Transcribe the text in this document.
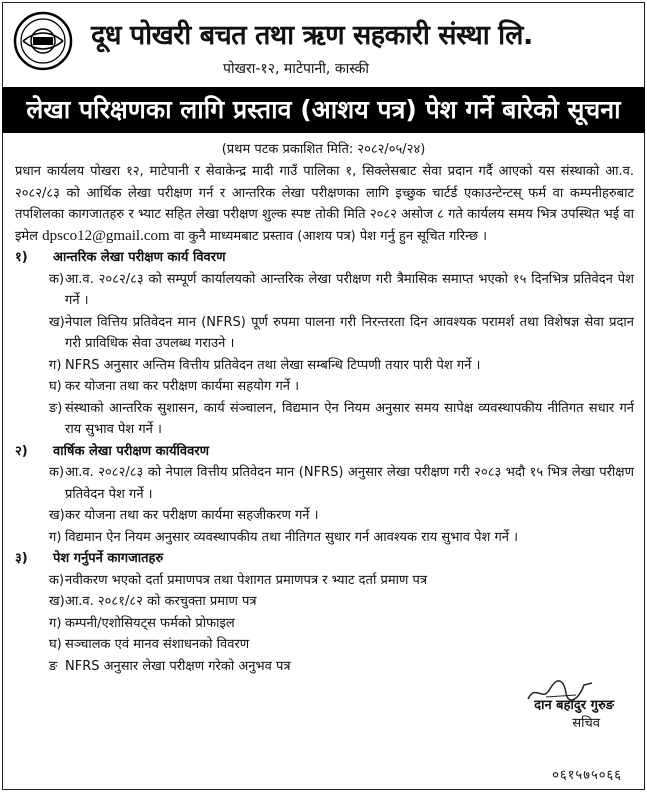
दूध पोखरी बचत तथा ऋण सहकारी संस्था लि.
पोखरा-१२, माटेपानी, कास्की
लेखा परिक्षणका लागि प्रस्ताव (आशय पत्र) पेश गर्ने बारेको सूचना
(प्रथम पटक प्रकाशित मिति: २०८२/०५/२४)

प्रधान कार्यलय पोखरा १२, माटेपानी र सेवाकेन्द्र मादी गाउँ पालिका १, सिक्लेसबाट सेवा प्रदान गर्दै आएको यस संस्थाको आ.व. २०८२/८३ को आर्थिक लेखा परीक्षण गर्न र आन्तरिक लेखा परीक्षणका लागि इच्छुक चार्टर्ड एकाउन्टेन्टस् फर्म वा कम्पनीहरुबाट तपशिलका कागजातहरु र भ्याट सहित लेखा परीक्षण शुल्क स्पष्ट तोकी मिति २०८२ असोज ८ गते कार्यलय समय भित्र उपस्थित भई वा इमेल dpsco12@gmail.com वा कुनै माध्यमबाट प्रस्ताव (आशय पत्र) पेश गर्नु हुन सूचित गरिन्छ ।

१)	आन्तरिक लेखा परीक्षण कार्य विवरण
क) आ.व. २०८२/८३ को सम्पूर्ण कार्यालयको आन्तरिक लेखा परीक्षण गरी त्रैमासिक समाप्त भएको १५ दिनभित्र प्रतिवेदन पेश गर्ने ।
ख) नेपाल वित्तिय प्रतिवेदन मान (NFRS) पूर्ण रुपमा पालना गरी निरन्तरता दिन आवश्यक परामर्श तथा विशेषज्ञ सेवा प्रदान गरी प्राविधिक सेवा उपलब्ध गराउने ।
ग) NFRS अनुसार अन्तिम वित्तीय प्रतिवेदन तथा लेखा सम्बन्धि टिप्पणी तयार पारी पेश गर्ने ।
घ) कर योजना तथा कर परीक्षण कार्यमा सहयोग गर्ने ।
ङ) संस्थाको आन्तरिक सुशासन, कार्य संञ्चालन, विद्यमान ऐन नियम अनुसार समय सापेक्ष व्यवस्थापकीय नीतिगत सधार गर्न राय सुभाव पेश गर्ने ।
२)	वार्षिक लेखा परीक्षण कार्यविवरण
क) आ.व. २०८२/८३ को नेपाल वित्तीय प्रतिवेदन मान (NFRS) अनुसार लेखा परीक्षण गरी २०८३ भदौ १५ भित्र लेखा परीक्षण प्रतिवेदन पेश गर्ने ।
ख) कर योजना तथा कर परीक्षण कार्यमा सहजीकरण गर्ने ।
ग) विद्यमान ऐन नियम अनुसार व्यवस्थापकीय तथा नीतिगत सुधार गर्न आवश्यक राय सुभाव पेश गर्ने ।
३)	पेश गर्नुपर्ने कागजातहरु
क) नवीकरण भएको दर्ता प्रमाणपत्र तथा पेशागत प्रमाणपत्र र भ्याट दर्ता प्रमाण पत्र
ख) आ.व. २०८१/८२ को करचुक्ता प्रमाण पत्र
ग) कम्पनी/एशोसियट्स फर्मको प्रोफाइल
घ) सञ्चालक एवं मानव संशाधनको विवरण
ङ NFRS अनुसार लेखा परीक्षण गरेको अनुभव पत्र
दान बहादुर गुरुङ
सचिव
०६१५७५०६६
